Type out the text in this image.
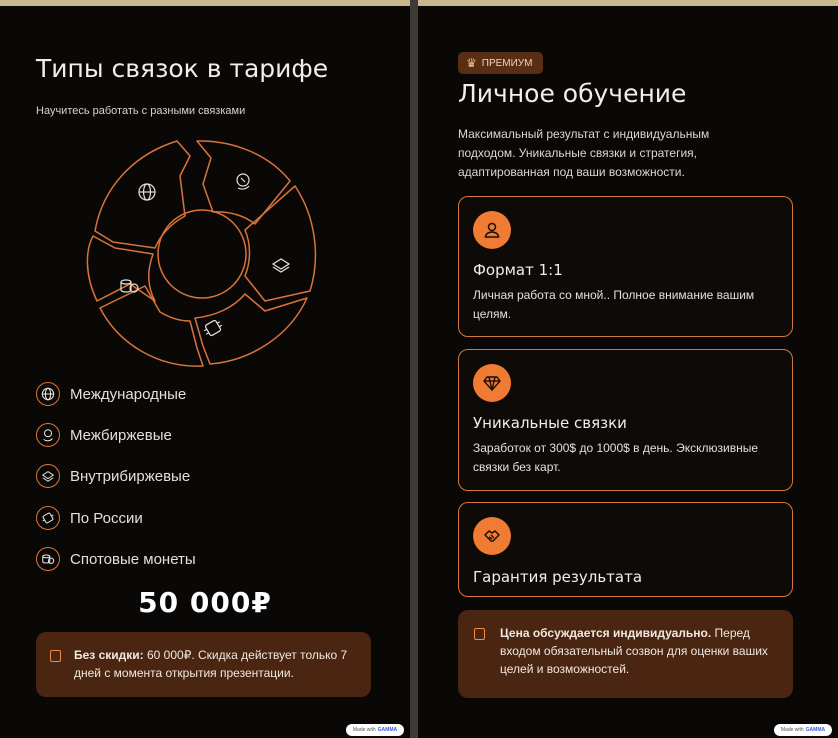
Типы связок в тарифе
Научитесь работать с разными связками
Международные
Межбиржевые
Внутрибиржевые
По России
Спотовые монеты
50 000₽
Без скидки: 60 000₽. Скидка действует только 7 дней с момента открытия презентации.
Made with GAMMA
♛ ПРЕМИУМ
Личное обучение
Максимальный результат с индивидуальным подходом. Уникальные связки и стратегия, адаптированная под ваши возможности.
Формат 1:1
Личная работа со мной.. Полное внимание вашим целям.
Уникальные связки
Заработок от 300$ до 1000$ в день. Эксклюзивные связки без карт.
Гарантия результата
Цена обсуждается индивидуально. Перед входом обязательный созвон для оценки ваших целей и возможностей.
Made with GAMMA
